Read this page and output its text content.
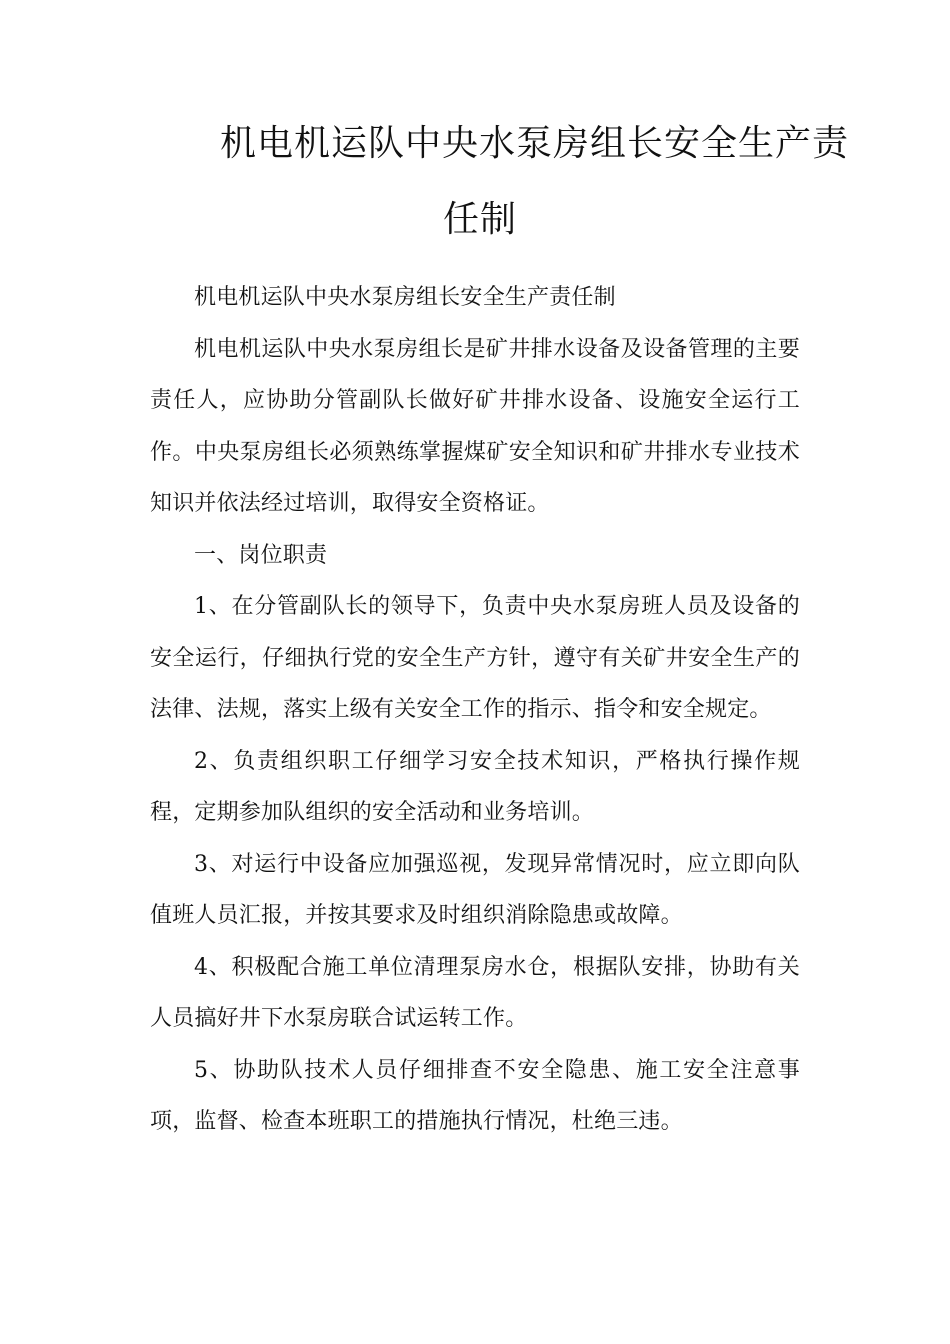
机电机运队中央水泵房组长安全生产责
任制

机电机运队中央水泵房组长安全生产责任制

机电机运队中央水泵房组长是矿井排水设备及设备管理的主要责任人，应协助分管副队长做好矿井排水设备、设施安全运行工作。中央泵房组长必须熟练掌握煤矿安全知识和矿井排水专业技术知识并依法经过培训，取得安全资格证。

一、岗位职责

1、在分管副队长的领导下，负责中央水泵房班人员及设备的安全运行，仔细执行党的安全生产方针，遵守有关矿井安全生产的法律、法规，落实上级有关安全工作的指示、指令和安全规定。

2、负责组织职工仔细学习安全技术知识，严格执行操作规程，定期参加队组织的安全活动和业务培训。

3、对运行中设备应加强巡视，发现异常情况时，应立即向队值班人员汇报，并按其要求及时组织消除隐患或故障。

4、积极配合施工单位清理泵房水仓，根据队安排，协助有关人员搞好井下水泵房联合试运转工作。

5、协助队技术人员仔细排查不安全隐患、施工安全注意事项，监督、检查本班职工的措施执行情况，杜绝三违。
